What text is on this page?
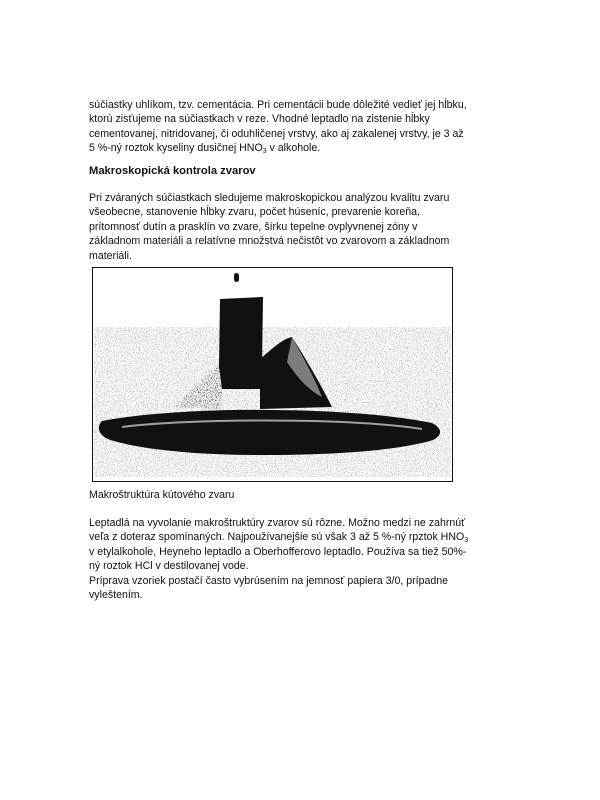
súčiastky uhlíkom, tzv. cementácia. Pri cementácii bude dôležité vedieť jej hĺbku,
ktorú zisťujeme na súčiastkach v reze. Vhodné leptadlo na zistenie hĺbky
cementovanej, nitridovanej, či oduhličenej vrstvy, ako aj zakalenej vrstvy, je 3 až
5 %-ný roztok kyseliny dusičnej $HNO_3$ v alkohole.

Makroskopická kontrola zvarov

Pri zváraných súčiastkach sledujeme makroskopickou analýzou kvalitu zvaru
všeobecne, stanovenie hĺbky zvaru, počet húseníc, prevarenie koreňa,
prítomnosť dutín a prasklín vo zvare, šírku tepelne ovplyvnenej zóny v
základnom materiáli a relatívne množstvá nečistôt vo zvarovom a základnom
materiáli.

Makroštruktúra kútového zvaru

Leptadlá na vyvolanie makroštruktúry zvarov sú rôzne. Možno medzi ne zahrnúť
veľa z doteraz spomínaných. Najpoužívanejšie sú však 3 až 5 %-ný rpztok $HNO_3$
v etylalkohole, Heyneho leptadlo a Oberhofferovo leptadlo. Používa sa tiež 50%-
ný roztok HCl v destilovanej vode.
Príprava vzoriek postačí často vybrúsením na jemnosť papiera 3/0, prípadne
vyleštením.
